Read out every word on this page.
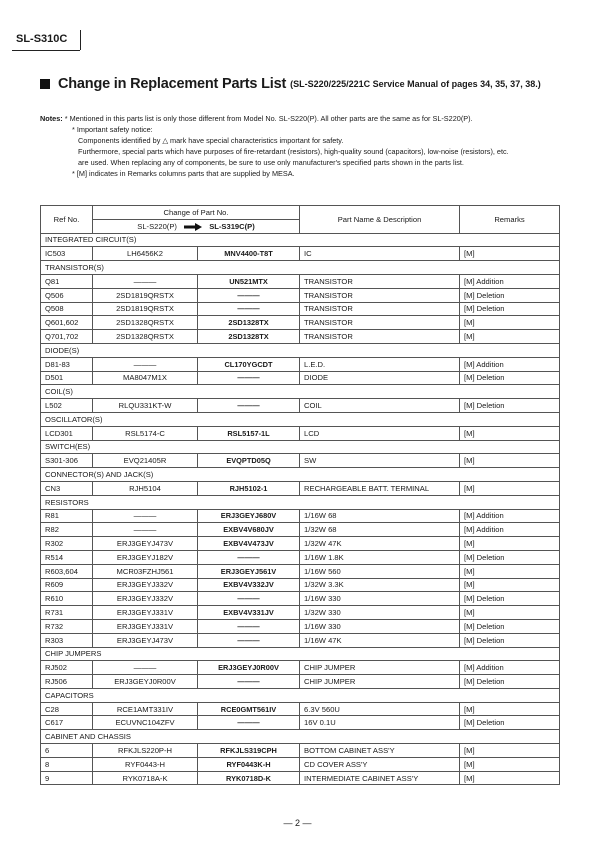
SL-S310C
Change in Replacement Parts List (SL-S220/225/221C Service Manual of pages 34, 35, 37, 38.)
Notes: * Mentioned in this parts list is only those different from Model No. SL-S220(P). All other parts are the same as for SL-S220(P).
* Important safety notice:
Components identified by △ mark have special characteristics important for safety.
Furthermore, special parts which have purposes of fire-retardant (resistors), high-quality sound (capacitors), low-noise (resistors), etc.
are used. When replacing any of components, be sure to use only manufacturer's specified parts shown in the parts list.
* [M] indicates in Remarks columns parts that are supplied by MESA.
Ref No.	Change of Part No.		Part Name & Description	Remarks
	SL-S220(P) SL-S319C(P)			
INTEGRATED CIRCUIT(S)				
IC503	LH6456K2	MNV4400-T8T	IC	[M]
TRANSISTOR(S)				
Q81	———	UN521MTX	TRANSISTOR	[M] Addition
Q506	2SD1819QRSTX	———	TRANSISTOR	[M] Deletion
Q508	2SD1819QRSTX	———	TRANSISTOR	[M] Deletion
Q601,602	2SD1328QRSTX	2SD1328TX	TRANSISTOR	[M]
Q701,702	2SD1328QRSTX	2SD1328TX	TRANSISTOR	[M]
DIODE(S)				
D81-83	———	CL170YGCDT	L.E.D.	[M] Addition
D501	MA8047M1X	———	DIODE	[M] Deletion
COIL(S)				
L502	RLQU331KT-W	———	COIL	[M] Deletion
OSCILLATOR(S)				
LCD301	RSL5174-C	RSL5157-1L	LCD	[M]
SWITCH(ES)				
S301-306	EVQ21405R	EVQPTD05Q	SW	[M]
CONNECTOR(S) AND JACK(S)				
CN3	RJH5104	RJH5102-1	RECHARGEABLE BATT. TERMINAL	[M]
RESISTORS				
R81	———	ERJ3GEYJ680V	1/16W 68	[M] Addition
R82	———	EXBV4V680JV	1/32W 68	[M] Addition
R302	ERJ3GEYJ473V	EXBV4V473JV	1/32W 47K	[M]
R514	ERJ3GEYJ182V	———	1/16W 1.8K	[M] Deletion
R603,604	MCR03FZHJ561	ERJ3GEYJ561V	1/16W 560	[M]
R609	ERJ3GEYJ332V	EXBV4V332JV	1/32W 3.3K	[M]
R610	ERJ3GEYJ332V	———	1/16W 330	[M] Deletion
R731	ERJ3GEYJ331V	EXBV4V331JV	1/32W 330	[M]
R732	ERJ3GEYJ331V	———	1/16W 330	[M] Deletion
R303	ERJ3GEYJ473V	———	1/16W 47K	[M] Deletion
CHIP JUMPERS				
RJ502	———	ERJ3GEYJ0R00V	CHIP JUMPER	[M] Addition
RJ506	ERJ3GEYJ0R00V	———	CHIP JUMPER	[M] Deletion
CAPACITORS				
C28	RCE1AMT331IV	RCE0GMT561IV	6.3V 560U	[M]
C617	ECUVNC104ZFV	———	16V 0.1U	[M] Deletion
CABINET AND CHASSIS				
6	RFKJLS220P-H	RFKJLS319CPH	BOTTOM CABINET ASS'Y	[M]
8	RYF0443-H	RYF0443K-H	CD COVER ASS'Y	[M]
9	RYK0718A-K	RYK0718D-K	INTERMEDIATE CABINET ASS'Y	[M]
— 2 —
